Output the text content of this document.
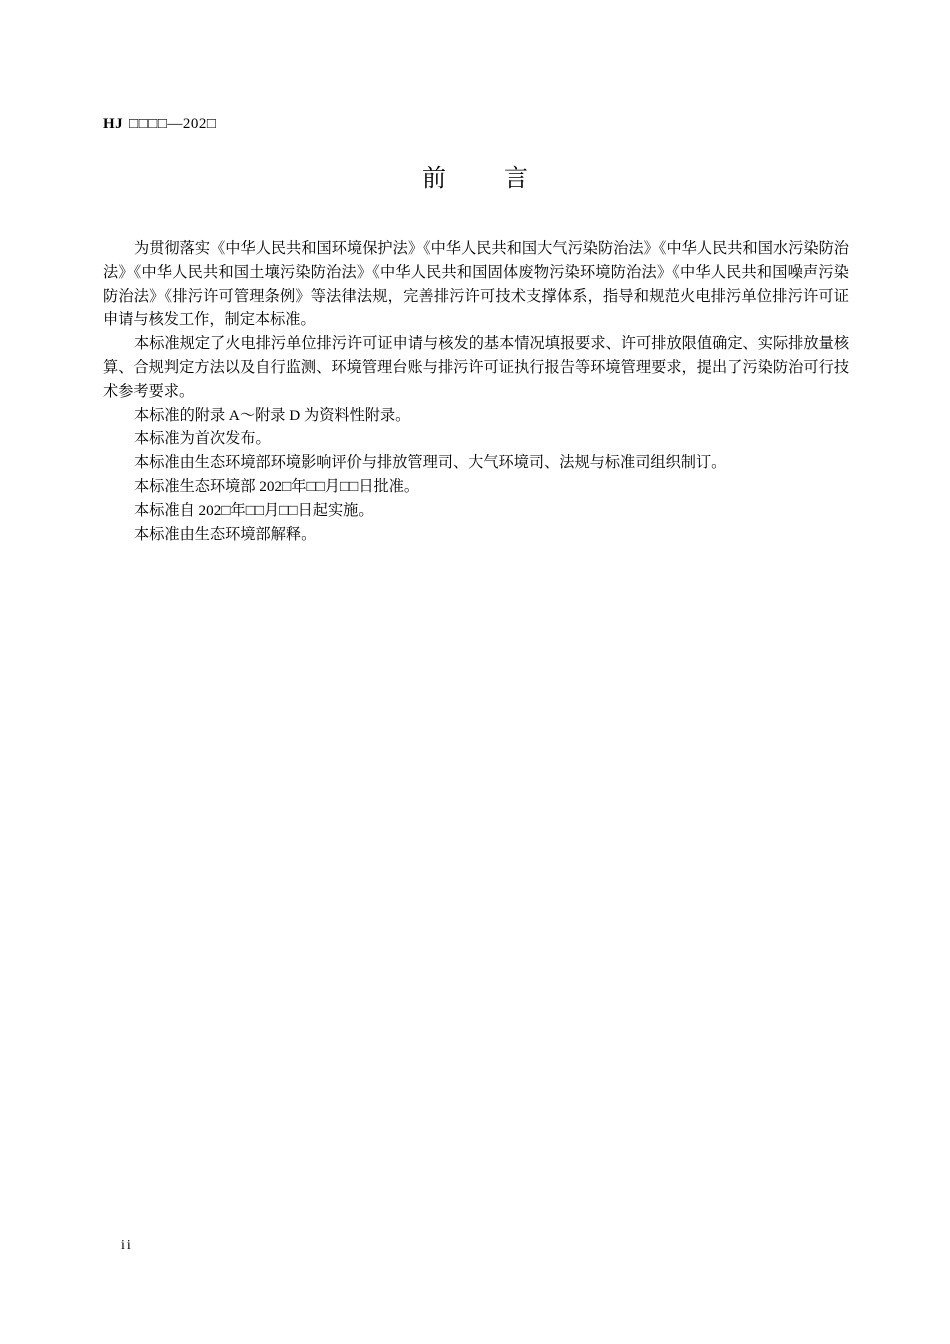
HJ □□□□—202□
前言

为贯彻落实《中华人民共和国环境保护法》《中华人民共和国大气污染防治法》《中华人民共和国水污染防治法》《中华人民共和国土壤污染防治法》《中华人民共和国固体废物污染环境防治法》《中华人民共和国噪声污染防治法》《排污许可管理条例》等法律法规，完善排污许可技术支撑体系，指导和规范火电排污单位排污许可证申请与核发工作，制定本标准。

本标准规定了火电排污单位排污许可证申请与核发的基本情况填报要求、许可排放限值确定、实际排放量核算、合规判定方法以及自行监测、环境管理台账与排污许可证执行报告等环境管理要求，提出了污染防治可行技术参考要求。

本标准的附录 A～附录 D 为资料性附录。

本标准为首次发布。

本标准由生态环境部环境影响评价与排放管理司、大气环境司、法规与标准司组织制订。

本标准生态环境部 202□年□□月□□日批准。

本标准自 202□年□□月□□日起实施。

本标准由生态环境部解释。

ii
